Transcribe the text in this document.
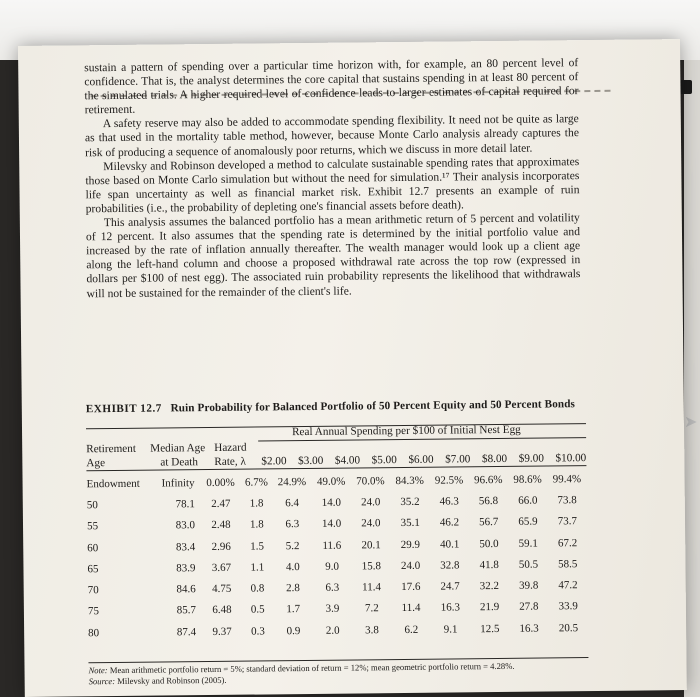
➤

sustain a pattern of spending over a particular time horizon with, for example, an 80 percent level of confidence. That is, the analyst determines the core capital that sustains spending in at least 80 percent of the simulated trials. A higher required level of confidence leads to larger estimates of capital required for retirement.

A safety reserve may also be added to accommodate spending flexibility. It need not be quite as large as that used in the mortality table method, however, because Monte Carlo analysis already captures the risk of producing a sequence of anomalously poor returns, which we discuss in more detail later.

Milevsky and Robinson developed a method to calculate sustainable spending rates that approximates those based on Monte Carlo simulation but without the need for simulation.¹⁷ Their analysis incorporates life span uncertainty as well as financial market risk. Exhibit 12.7 presents an example of ruin probabilities (i.e., the probability of depleting one's financial assets before death).

This analysis assumes the balanced portfolio has a mean arithmetic return of 5 percent and volatility of 12 percent. It also assumes that the spending rate is determined by the initial portfolio value and increased by the rate of inflation annually thereafter. The wealth manager would look up a client age along the left-hand column and choose a proposed withdrawal rate across the top row (expressed in dollars per $100 of nest egg). The associated ruin probability represents the likelihood that withdrawals will not be sustained for the remainder of the client's life.

EXHIBIT 12.7 Ruin Probability for Balanced Portfolio of 50 Percent Equity and 50 Percent Bonds
Real Annual Spending per $100 of Initial Nest Egg
Retirement Median Age Hazard
Age	at Death Rate, λ $2.00 $3.00 $4.00 $5.00 $6.00 $7.00 $8.00 $9.00 $10.00
Endowment	Infinity	0.00%	6.7%	24.9%	49.0%	70.0%	84.3%	92.5%	96.6%	98.6%	99.4%
50	78.1	2.47	1.8	6.4	14.0	24.0	35.2	46.3	56.8	66.0	73.8
55	83.0	2.48	1.8	6.3	14.0	24.0	35.1	46.2	56.7	65.9	73.7
60	83.4	2.96	1.5	5.2	11.6	20.1	29.9	40.1	50.0	59.1	67.2
65	83.9	3.67	1.1	4.0	9.0	15.8	24.0	32.8	41.8	50.5	58.5
70	84.6	4.75	0.8	2.8	6.3	11.4	17.6	24.7	32.2	39.8	47.2
75	85.7	6.48	0.5	1.7	3.9	7.2	11.4	16.3	21.9	27.8	33.9
80	87.4	9.37	0.3	0.9	2.0	3.8	6.2	9.1	12.5	16.3	20.5
Note: Mean arithmetic portfolio return = 5%; standard deviation of return = 12%; mean geometric portfolio return = 4.28%.
Source: Milevsky and Robinson (2005).
